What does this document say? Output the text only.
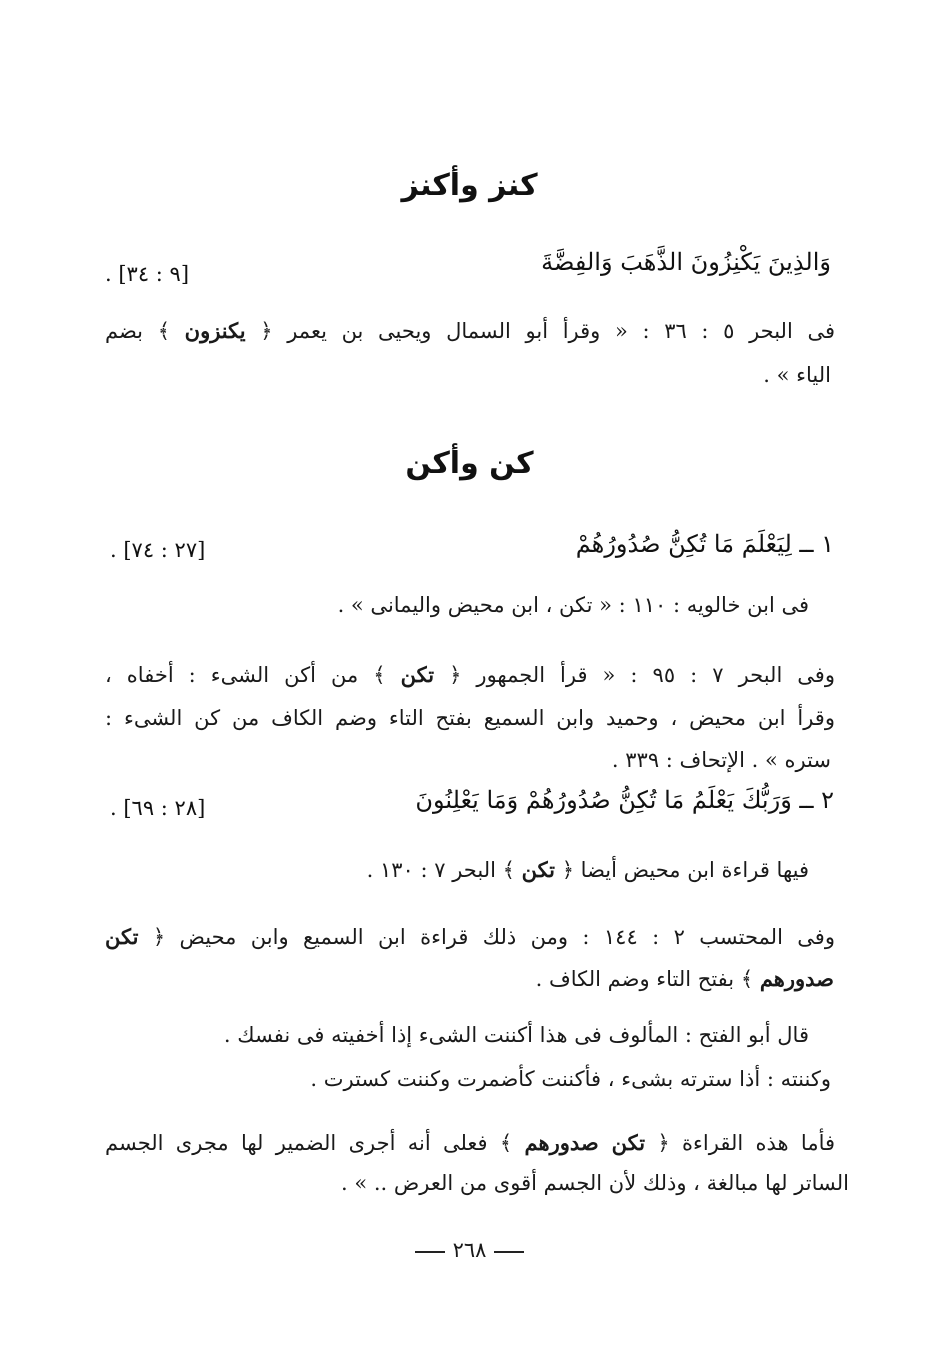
كنز وأكنز
وَالذِينَ يَكْنِزُونَ الذَّهَبَ وَالفِضَّةَ
[٩ : ٣٤] .
فى البحر ٥ : ٣٦ : « وقرأ أبو السمال ويحيى بن يعمر ﴿ يكنزون ﴾ بضم
الياء » .
كن وأكن
١ ــ لِيَعْلَمَ مَا تُكِنُّ صُدُورُهُمْ
[٢٧ : ٧٤] .
فى ابن خالويه : ١١٠ : « تكن ، ابن محيض واليمانى » .
وفى البحر ٧ : ٩٥ : « قرأ الجمهور ﴿ تكن ﴾ من أكن الشىء : أخفاه ،
وقرأ ابن محيض ، وحميد وابن السميع بفتح التاء وضم الكاف من كن الشىء :
ستره » . الإتحاف : ٣٣٩ .
٢ ــ وَرَبُّكَ يَعْلَمُ مَا تُكِنُّ صُدُورُهُمْ وَمَا يَعْلِنُونَ
[٢٨ : ٦٩] .
فيها قراءة ابن محيض أيضا ﴿ تكن ﴾ البحر ٧ : ١٣٠ .
وفى المحتسب ٢ : ١٤٤ : ومن ذلك قراءة ابن السميع وابن محيض ﴿ تكن
صدورهم ﴾ بفتح التاء وضم الكاف .
قال أبو الفتح : المألوف فى هذا أكننت الشىء إذا أخفيته فى نفسك .
وكننته : أذا سترته بشىء ، فأكننت كأضمرت وكننت كسترت .
فأما هذه القراءة ﴿ تكن صدورهم ﴾ فعلى أنه أجرى الضمير لها مجرى الجسم
الساتر لها مبالغة ، وذلك لأن الجسم أقوى من العرض .. » .
٢٦٨
